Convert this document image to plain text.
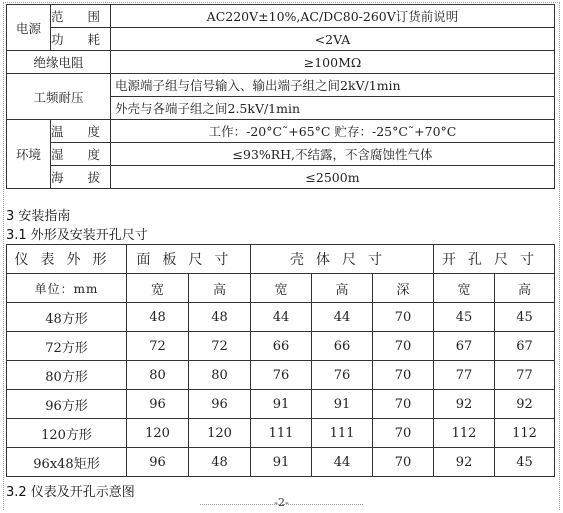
电源	范 围	AC220V±10%,AC/DC80-260V订货前说明
	功 耗	<2VA
绝缘电阻		≥100MΩ
工频耐压		电源端子组与信号输入、输出端子组之间2kV/1min
		外壳与各端子组之间2.5kV/1min
环境	温 度	工作：-20°C˜+65°C 贮存：-25°C˜+70°C
	湿 度	≤93%RH,不结露，不含腐蚀性气体
	海 拔	≤2500m
3 安装指南
3.1 外形及安装开孔尺寸
仪表外形	面板尺寸		壳体尺寸			开孔尺寸	
单位：mm	宽	高	宽	高	深	宽	高
48方形	48	48	44	44	70	45	45
72方形	72	72	66	66	70	67	67
80方形	80	80	76	76	70	77	77
96方形	96	96	91	91	70	92	92
120方形	120	120	111	111	70	112	112
96x48矩形	96	48	91	44	70	92	45
3.2 仪表及开孔示意图
-2-
